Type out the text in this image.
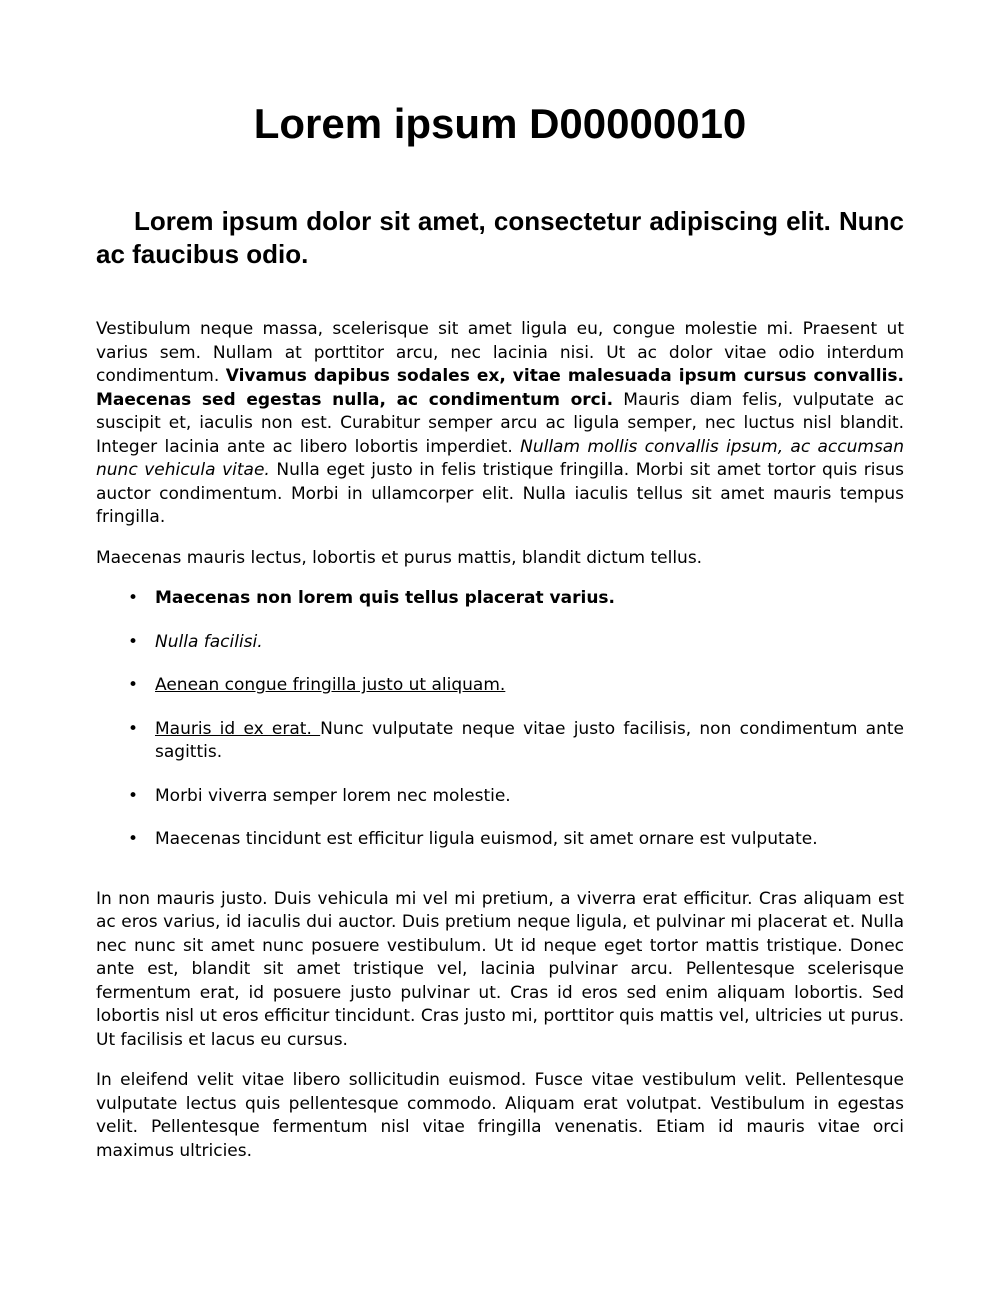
Lorem ipsum D00000010
Lorem ipsum dolor sit amet, consectetur adipiscing elit. Nunc ac faucibus odio.

Vestibulum neque massa, scelerisque sit amet ligula eu, congue molestie mi. Praesent ut varius sem. Nullam at porttitor arcu, nec lacinia nisi. Ut ac dolor vitae odio interdum condimentum. Vivamus dapibus sodales ex, vitae malesuada ipsum cursus convallis. Maecenas sed egestas nulla, ac condimentum orci. Mauris diam felis, vulputate ac suscipit et, iaculis non est. Curabitur semper arcu ac ligula semper, nec luctus nisl blandit. Integer lacinia ante ac libero lobortis imperdiet. Nullam mollis convallis ipsum, ac accumsan nunc vehicula vitae. Nulla eget justo in felis tristique fringilla. Morbi sit amet tortor quis risus auctor condimentum. Morbi in ullamcorper elit. Nulla iaculis tellus sit amet mauris tempus fringilla.

Maecenas mauris lectus, lobortis et purus mattis, blandit dictum tellus.

• Maecenas non lorem quis tellus placerat varius.
• Nulla facilisi.
• Aenean congue fringilla justo ut aliquam.
• Mauris id ex erat. Nunc vulputate neque vitae justo facilisis, non condimentum ante sagittis.
• Morbi viverra semper lorem nec molestie.
• Maecenas tincidunt est efficitur ligula euismod, sit amet ornare est vulputate.

In non mauris justo. Duis vehicula mi vel mi pretium, a viverra erat efficitur. Cras aliquam est ac eros varius, id iaculis dui auctor. Duis pretium neque ligula, et pulvinar mi placerat et. Nulla nec nunc sit amet nunc posuere vestibulum. Ut id neque eget tortor mattis tristique. Donec ante est, blandit sit amet tristique vel, lacinia pulvinar arcu. Pellentesque scelerisque fermentum erat, id posuere justo pulvinar ut. Cras id eros sed enim aliquam lobortis. Sed lobortis nisl ut eros efficitur tincidunt. Cras justo mi, porttitor quis mattis vel, ultricies ut purus. Ut facilisis et lacus eu cursus.

In eleifend velit vitae libero sollicitudin euismod. Fusce vitae vestibulum velit. Pellentesque vulputate lectus quis pellentesque commodo. Aliquam erat volutpat. Vestibulum in egestas velit. Pellentesque fermentum nisl vitae fringilla venenatis. Etiam id mauris vitae orci maximus ultricies.
